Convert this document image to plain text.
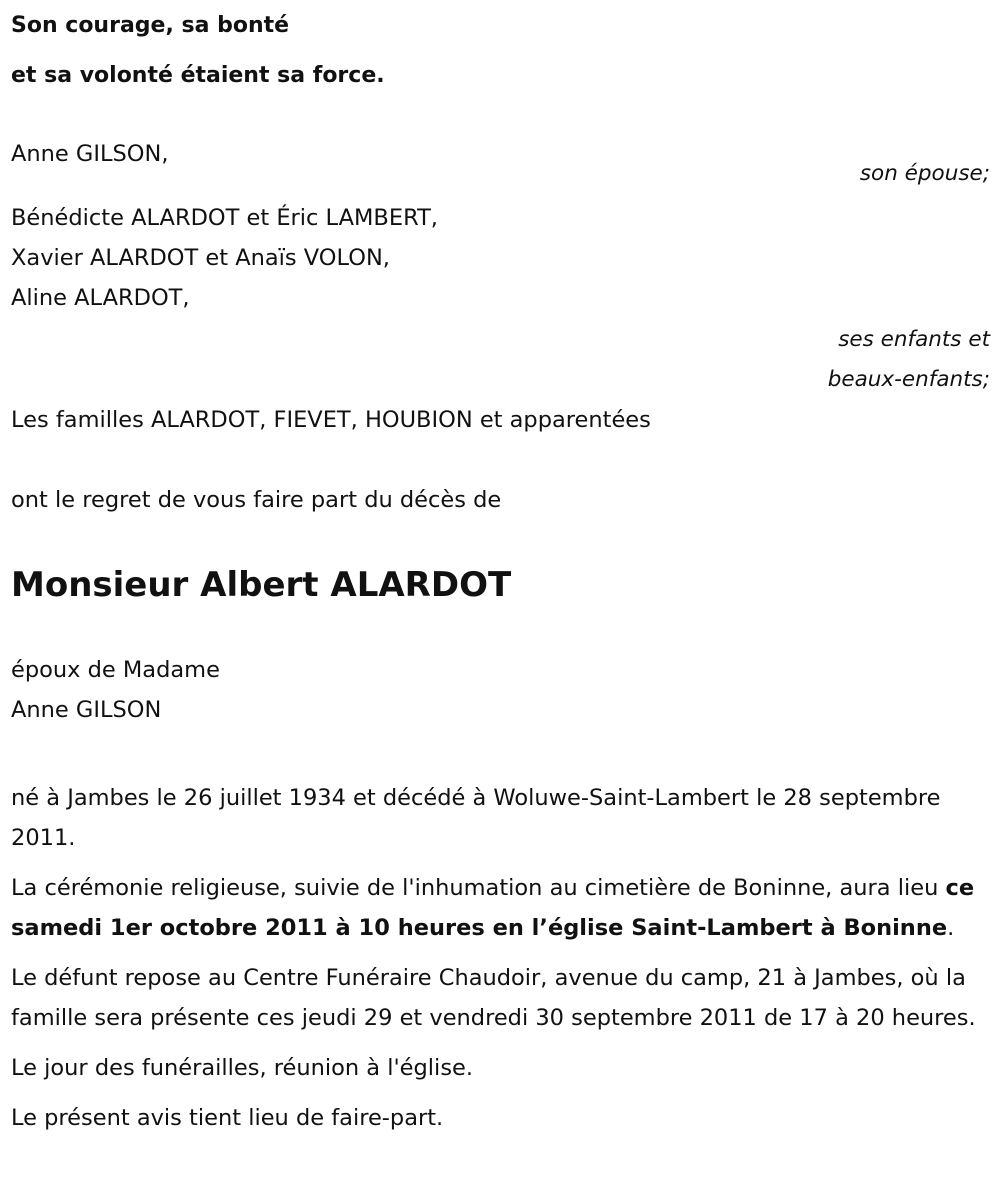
Son courage, sa bonté

et sa volonté étaient sa force.

Anne GILSON,

son épouse;

Bénédicte ALARDOT et Éric LAMBERT,

Xavier ALARDOT et Anaïs VOLON,

Aline ALARDOT,

ses enfants et

beaux-enfants;

Les familles ALARDOT, FIEVET, HOUBION et apparentées

ont le regret de vous faire part du décès de

Monsieur Albert ALARDOT

époux de Madame

Anne GILSON

né à Jambes le 26 juillet 1934 et décédé à Woluwe-Saint-Lambert le 28 septembre 2011.

La cérémonie religieuse, suivie de l'inhumation au cimetière de Boninne, aura lieu ce samedi 1er octobre 2011 à 10 heures en l’église Saint-Lambert à Boninne.

Le défunt repose au Centre Funéraire Chaudoir, avenue du camp, 21 à Jambes, où la famille sera présente ces jeudi 29 et vendredi 30 septembre 2011 de 17 à 20 heures.

Le jour des funérailles, réunion à l'église.

Le présent avis tient lieu de faire-part.
